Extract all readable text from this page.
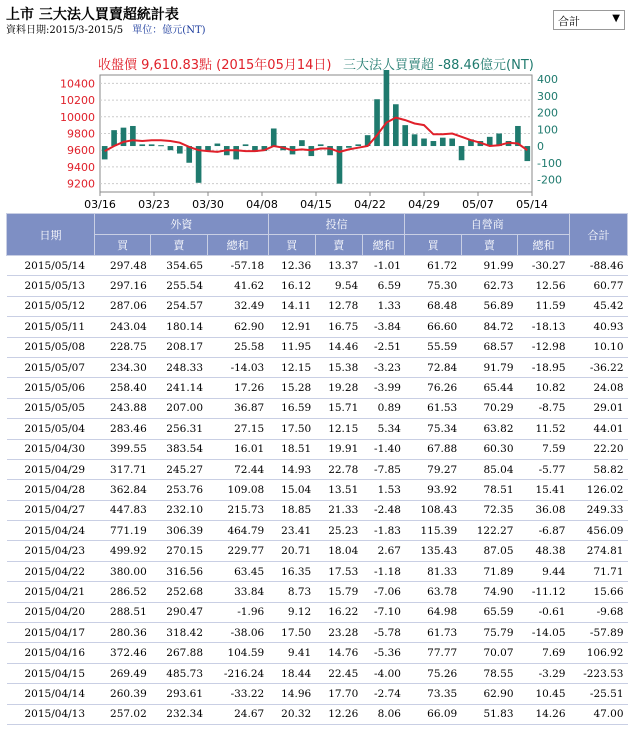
上市 三大法人買賣超統計表
資料日期:2015/3-2015/5 單位：億元(NT)
合計	▼
10400
10200
10000
9800
9600
9400
9200
400
300
200
100
0
-100
-200
03/16 03/23 03/30 04/08 04/15 04/22 04/29 05/07 05/14
收盤價 9,610.83點 (2015年05月14日) 三大法人買賣超 -88.46億元(NT)
日期	外資			投信			自營商			合計
	買	賣	總和	買	賣	總和	買	賣	總和	
2015/05/14	297.48	354.65	-57.18	12.36	13.37	-1.01	61.72	91.99	-30.27	-88.46
2015/05/13	297.16	255.54	41.62	16.12	9.54	6.59	75.30	62.73	12.56	60.77
2015/05/12	287.06	254.57	32.49	14.11	12.78	1.33	68.48	56.89	11.59	45.42
2015/05/11	243.04	180.14	62.90	12.91	16.75	-3.84	66.60	84.72	-18.13	40.93
2015/05/08	228.75	208.17	25.58	11.95	14.46	-2.51	55.59	68.57	-12.98	10.10
2015/05/07	234.30	248.33	-14.03	12.15	15.38	-3.23	72.84	91.79	-18.95	-36.22
2015/05/06	258.40	241.14	17.26	15.28	19.28	-3.99	76.26	65.44	10.82	24.08
2015/05/05	243.88	207.00	36.87	16.59	15.71	0.89	61.53	70.29	-8.75	29.01
2015/05/04	283.46	256.31	27.15	17.50	12.15	5.34	75.34	63.82	11.52	44.01
2015/04/30	399.55	383.54	16.01	18.51	19.91	-1.40	67.88	60.30	7.59	22.20
2015/04/29	317.71	245.27	72.44	14.93	22.78	-7.85	79.27	85.04	-5.77	58.82
2015/04/28	362.84	253.76	109.08	15.04	13.51	1.53	93.92	78.51	15.41	126.02
2015/04/27	447.83	232.10	215.73	18.85	21.33	-2.48	108.43	72.35	36.08	249.33
2015/04/24	771.19	306.39	464.79	23.41	25.23	-1.83	115.39	122.27	-6.87	456.09
2015/04/23	499.92	270.15	229.77	20.71	18.04	2.67	135.43	87.05	48.38	274.81
2015/04/22	380.00	316.56	63.45	16.35	17.53	-1.18	81.33	71.89	9.44	71.71
2015/04/21	286.52	252.68	33.84	8.73	15.79	-7.06	63.78	74.90	-11.12	15.66
2015/04/20	288.51	290.47	-1.96	9.12	16.22	-7.10	64.98	65.59	-0.61	-9.68
2015/04/17	280.36	318.42	-38.06	17.50	23.28	-5.78	61.73	75.79	-14.05	-57.89
2015/04/16	372.46	267.88	104.59	9.41	14.76	-5.36	77.77	70.07	7.69	106.92
2015/04/15	269.49	485.73	-216.24	18.44	22.45	-4.00	75.26	78.55	-3.29	-223.53
2015/04/14	260.39	293.61	-33.22	14.96	17.70	-2.74	73.35	62.90	10.45	-25.51
2015/04/13	257.02	232.34	24.67	20.32	12.26	8.06	66.09	51.83	14.26	47.00
